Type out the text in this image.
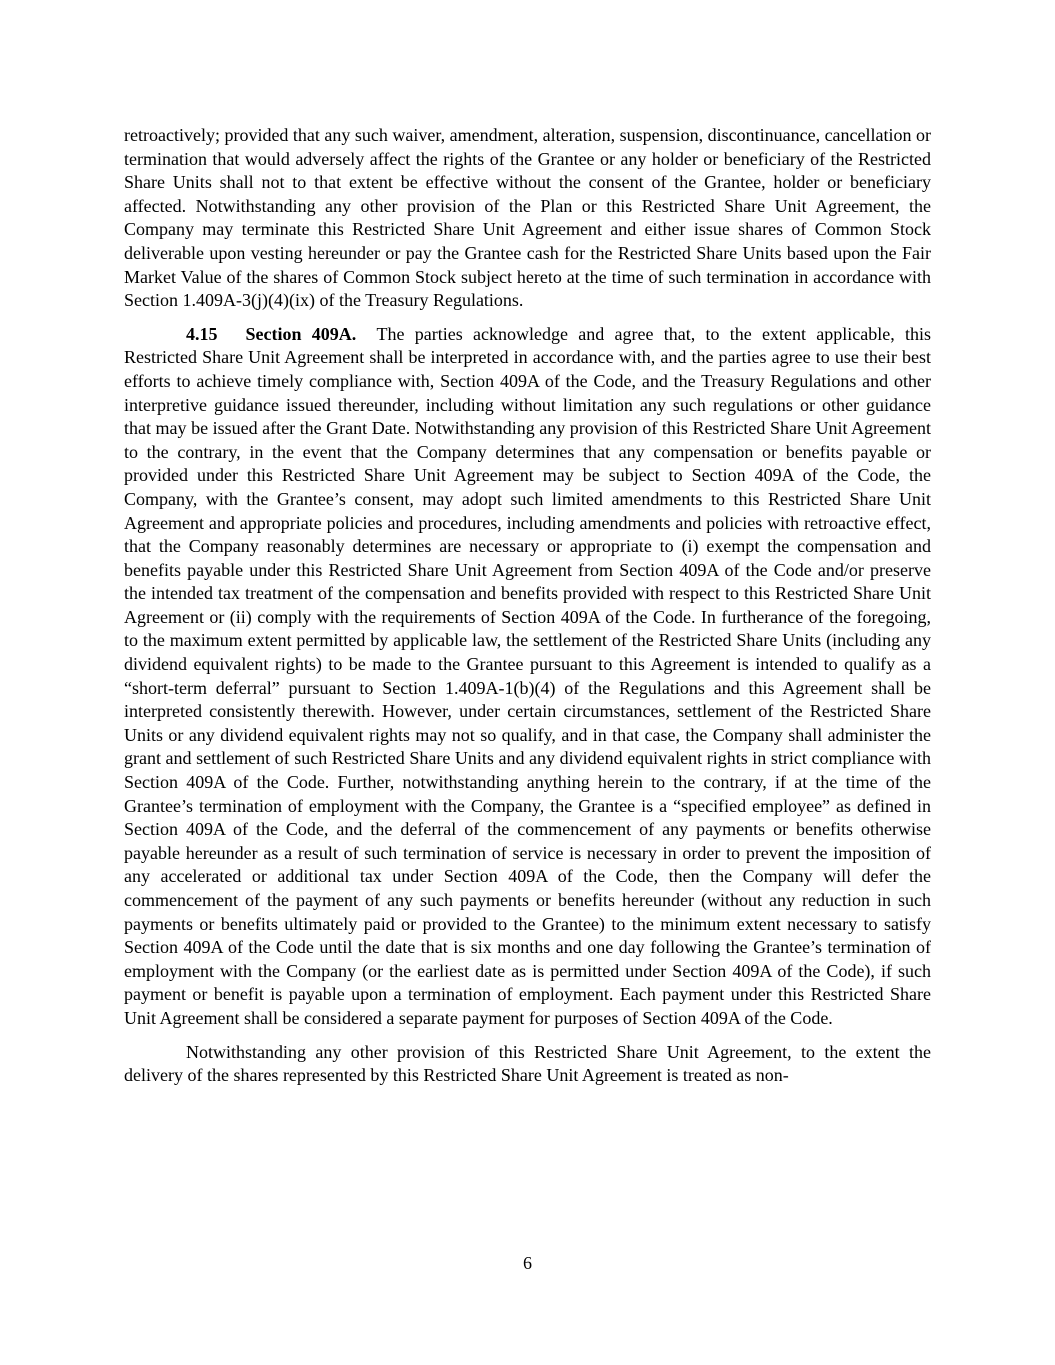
retroactively; provided that any such waiver, amendment, alteration, suspension, discontinuance, cancellation or termination that would adversely affect the rights of the Grantee or any holder or beneficiary of the Restricted Share Units shall not to that extent be effective without the consent of the Grantee, holder or beneficiary affected. Notwithstanding any other provision of the Plan or this Restricted Share Unit Agreement, the Company may terminate this Restricted Share Unit Agreement and either issue shares of Common Stock deliverable upon vesting hereunder or pay the Grantee cash for the Restricted Share Units based upon the Fair Market Value of the shares of Common Stock subject hereto at the time of such termination in accordance with Section 1.409A-3(j)(4)(ix) of the Treasury Regulations.

4.15 Section 409A. The parties acknowledge and agree that, to the extent applicable, this Restricted Share Unit Agreement shall be interpreted in accordance with, and the parties agree to use their best efforts to achieve timely compliance with, Section 409A of the Code, and the Treasury Regulations and other interpretive guidance issued thereunder, including without limitation any such regulations or other guidance that may be issued after the Grant Date. Notwithstanding any provision of this Restricted Share Unit Agreement to the contrary, in the event that the Company determines that any compensation or benefits payable or provided under this Restricted Share Unit Agreement may be subject to Section 409A of the Code, the Company, with the Grantee’s consent, may adopt such limited amendments to this Restricted Share Unit Agreement and appropriate policies and procedures, including amendments and policies with retroactive effect, that the Company reasonably determines are necessary or appropriate to (i) exempt the compensation and benefits payable under this Restricted Share Unit Agreement from Section 409A of the Code and/or preserve the intended tax treatment of the compensation and benefits provided with respect to this Restricted Share Unit Agreement or (ii) comply with the requirements of Section 409A of the Code. In furtherance of the foregoing, to the maximum extent permitted by applicable law, the settlement of the Restricted Share Units (including any dividend equivalent rights) to be made to the Grantee pursuant to this Agreement is intended to qualify as a “short-term deferral” pursuant to Section 1.409A-1(b)(4) of the Regulations and this Agreement shall be interpreted consistently therewith. However, under certain circumstances, settlement of the Restricted Share Units or any dividend equivalent rights may not so qualify, and in that case, the Company shall administer the grant and settlement of such Restricted Share Units and any dividend equivalent rights in strict compliance with Section 409A of the Code. Further, notwithstanding anything herein to the contrary, if at the time of the Grantee’s termination of employment with the Company, the Grantee is a “specified employee” as defined in Section 409A of the Code, and the deferral of the commencement of any payments or benefits otherwise payable hereunder as a result of such termination of service is necessary in order to prevent the imposition of any accelerated or additional tax under Section 409A of the Code, then the Company will defer the commencement of the payment of any such payments or benefits hereunder (without any reduction in such payments or benefits ultimately paid or provided to the Grantee) to the minimum extent necessary to satisfy Section 409A of the Code until the date that is six months and one day following the Grantee’s termination of employment with the Company (or the earliest date as is permitted under Section 409A of the Code), if such payment or benefit is payable upon a termination of employment. Each payment under this Restricted Share Unit Agreement shall be considered a separate payment for purposes of Section 409A of the Code.

Notwithstanding any other provision of this Restricted Share Unit Agreement, to the extent the delivery of the shares represented by this Restricted Share Unit Agreement is treated as non-

6
